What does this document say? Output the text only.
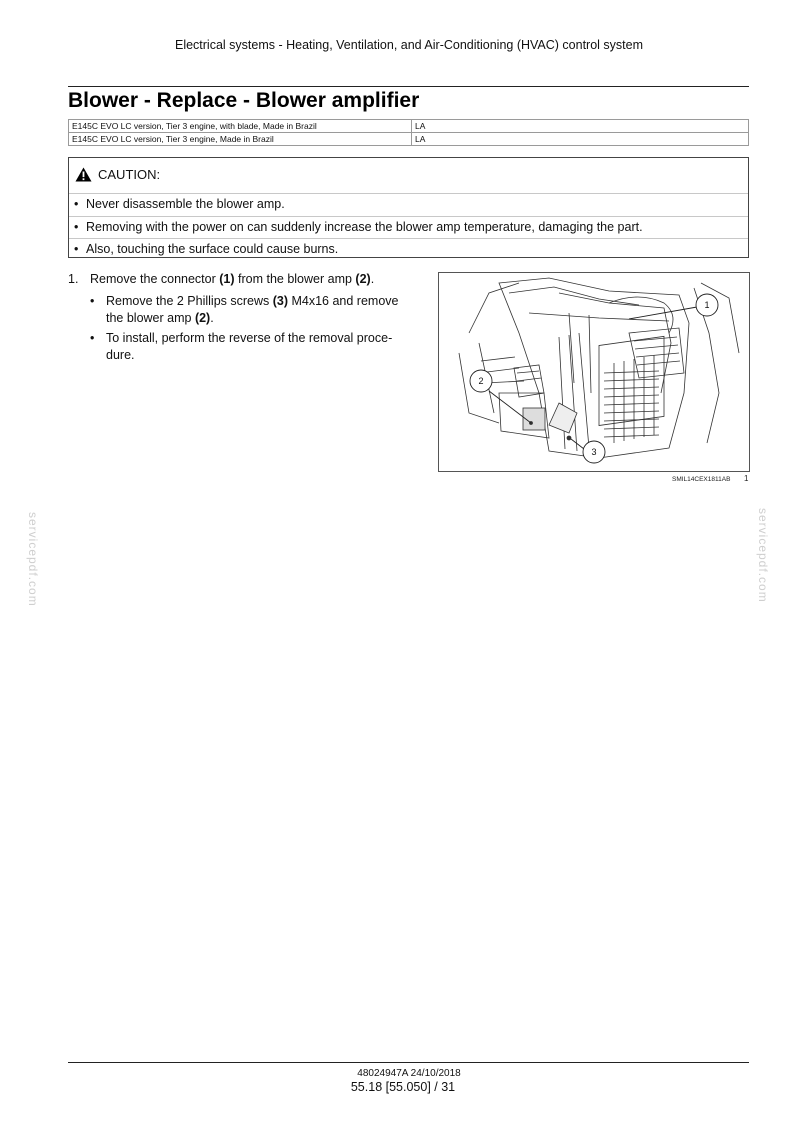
Electrical systems - Heating, Ventilation, and Air-Conditioning (HVAC) control system
Blower - Replace - Blower amplifier
E145C EVO LC version, Tier 3 engine, with blade, Made in Brazil	LA
E145C EVO LC version, Tier 3 engine, Made in Brazil	LA
CAUTION:
• Never disassemble the blower amp.
• Removing with the power on can suddenly increase the blower amp temperature, damaging the part.
• Also, touching the surface could cause burns.
1. Remove the connector (1) from the blower amp (2).
• Remove the 2 Phillips screws (3) M4x16 and remove
the blower amp (2).
• To install, perform the reverse of the removal proce-
dure.
1
2
3
SMIL14CEX1811AB 1
servicepdf.com	servicepdf.com
48024947A 24/10/2018
55.18 [55.050] / 31
